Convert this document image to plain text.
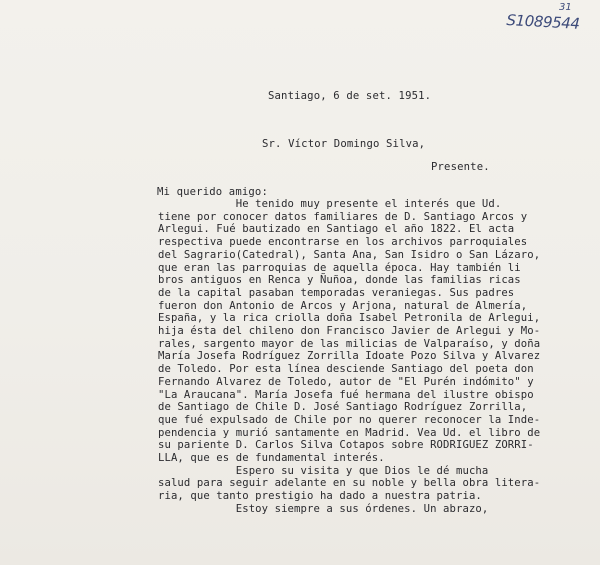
31
S1089544
Santiago, 6 de set. 1951.
Sr. Víctor Domingo Silva,
Presente.
Mi querido amigo:
He tenido muy presente el interés que Ud.
tiene por conocer datos familiares de D. Santiago Arcos y
Arlegui. Fué bautizado en Santiago el año 1822. El acta
respectiva puede encontrarse en los archivos parroquiales
del Sagrario(Catedral), Santa Ana, San Isidro o San Lázaro,
que eran las parroquias de aquella época. Hay también li
bros antiguos en Renca y Ñuñoa, donde las familias ricas
de la capital pasaban temporadas veraniegas. Sus padres
fueron don Antonio de Arcos y Arjona, natural de Almería,
España, y la rica criolla doña Isabel Petronila de Arlegui,
hija ésta del chileno don Francisco Javier de Arlegui y Mo-
rales, sargento mayor de las milicias de Valparaíso, y doña
María Josefa Rodríguez Zorrilla Idoate Pozo Silva y Alvarez
de Toledo. Por esta línea desciende Santiago del poeta don
Fernando Alvarez de Toledo, autor de "El Purén indómito" y
"La Araucana". María Josefa fué hermana del ilustre obispo
de Santiago de Chile D. José Santiago Rodríguez Zorrilla,
que fué expulsado de Chile por no querer reconocer la Inde-
pendencia y murió santamente en Madrid. Vea Ud. el libro de
su pariente D. Carlos Silva Cotapos sobre RODRIGUEZ ZORRI-
LLA, que es de fundamental interés.
Espero su visita y que Dios le dé mucha
salud para seguir adelante en su noble y bella obra litera-
ria, que tanto prestigio ha dado a nuestra patria.
Estoy siempre a sus órdenes. Un abrazo,
